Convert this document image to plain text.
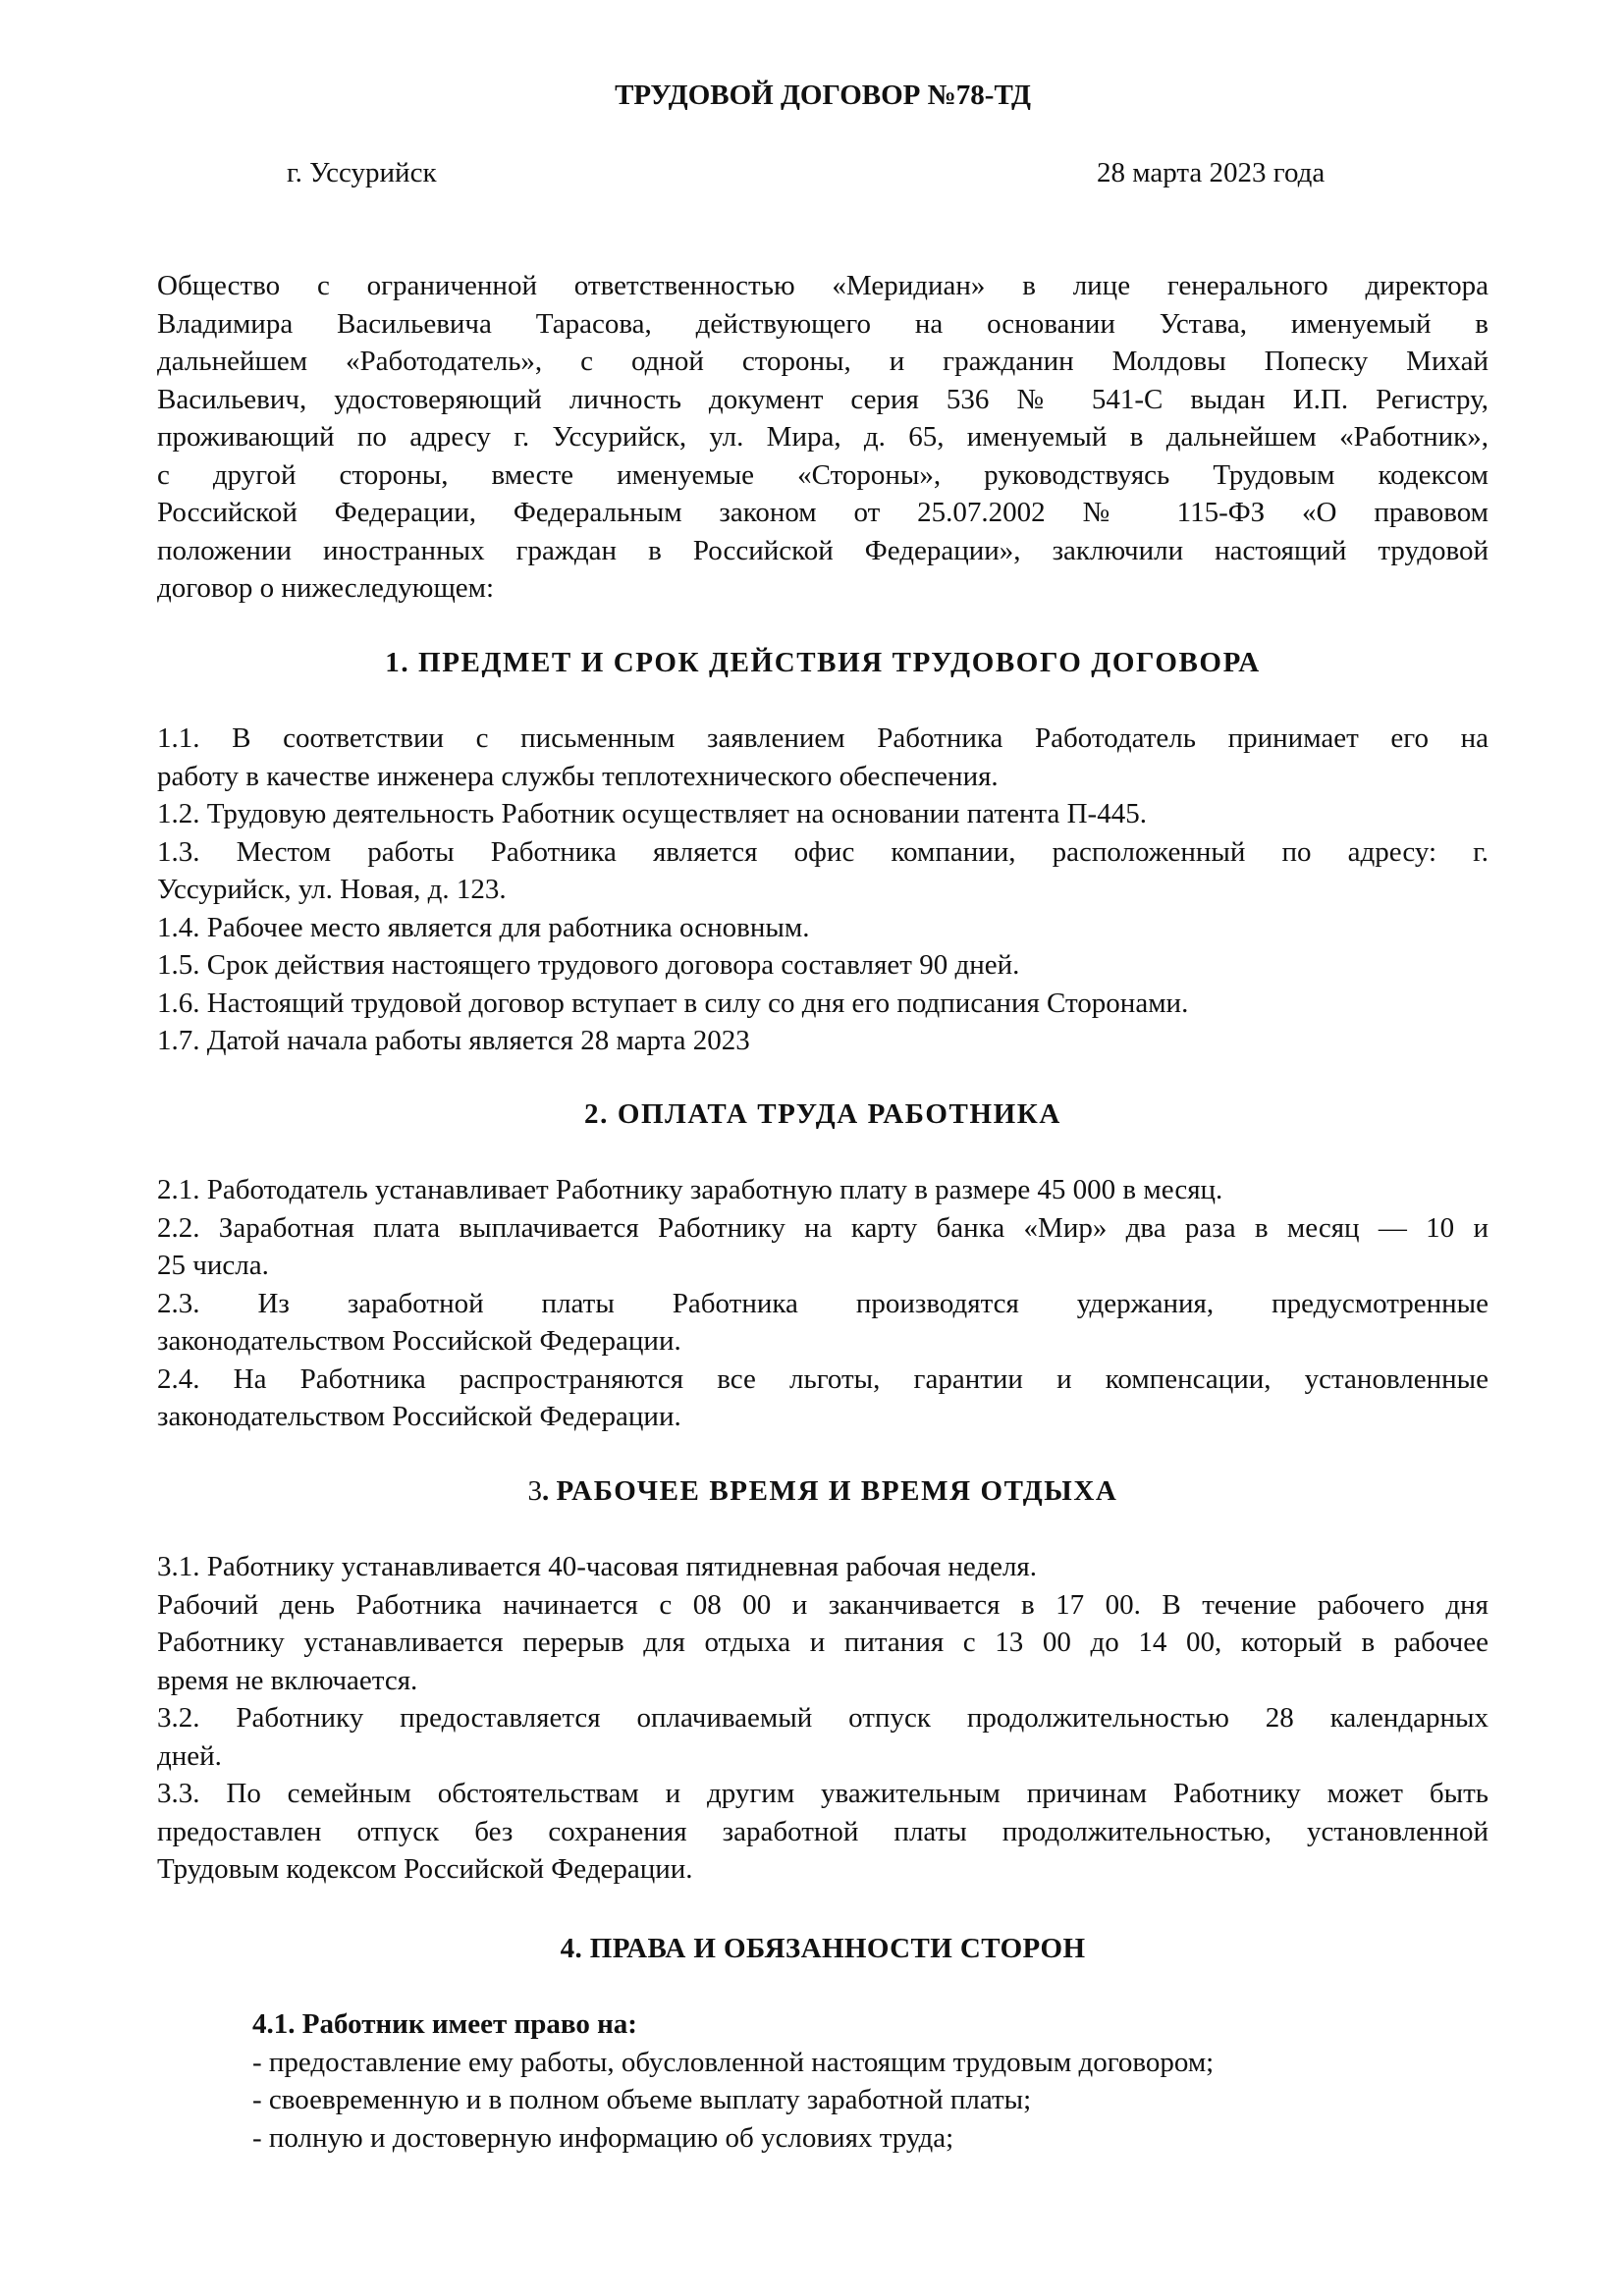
ТРУДОВОЙ ДОГОВОР №78-ТД
г. Уссурийск	28 марта 2023 года
Общество с ограниченной ответственностью «Меридиан» в лице генерального директора
Владимира Васильевича Тарасова, действующего на основании Устава, именуемый в
дальнейшем «Работодатель», с одной стороны, и гражданин Молдовы Попеску Михай
Васильевич, удостоверяющий личность документ серия 536 № 541-С выдан И.П. Регистру,
проживающий по адресу г. Уссурийск, ул. Мира, д. 65, именуемый в дальнейшем «Работник»,
с другой стороны, вместе именуемые «Стороны», руководствуясь Трудовым кодексом
Российской Федерации, Федеральным законом от 25.07.2002 № 115-ФЗ «О правовом
положении иностранных граждан в Российской Федерации», заключили настоящий трудовой
договор о нижеследующем:
1. ПРЕДМЕТ И СРОК ДЕЙСТВИЯ ТРУДОВОГО ДОГОВОРА
1.1. В соответствии с письменным заявлением Работника Работодатель принимает его на
работу в качестве инженера службы теплотехнического обеспечения.
1.2. Трудовую деятельность Работник осуществляет на основании патента П-445.
1.3. Местом работы Работника является офис компании, расположенный по адресу: г.
Уссурийск, ул. Новая, д. 123.
1.4. Рабочее место является для работника основным.
1.5. Срок действия настоящего трудового договора составляет 90 дней.
1.6. Настоящий трудовой договор вступает в силу со дня его подписания Сторонами.
1.7. Датой начала работы является 28 марта 2023
2. ОПЛАТА ТРУДА РАБОТНИКА
2.1. Работодатель устанавливает Работнику заработную плату в размере 45 000 в месяц.
2.2. Заработная плата выплачивается Работнику на карту банка «Мир» два раза в месяц — 10 и
25 числа.
2.3. Из заработной платы Работника производятся удержания, предусмотренные
законодательством Российской Федерации.
2.4. На Работника распространяются все льготы, гарантии и компенсации, установленные
законодательством Российской Федерации.
3. РАБОЧЕЕ ВРЕМЯ И ВРЕМЯ ОТДЫХА
3.1. Работнику устанавливается 40-часовая пятидневная рабочая неделя.
Рабочий день Работника начинается с 08 00 и заканчивается в 17 00. В течение рабочего дня
Работнику устанавливается перерыв для отдыха и питания с 13 00 до 14 00, который в рабочее
время не включается.
3.2. Работнику предоставляется оплачиваемый отпуск продолжительностью 28 календарных
дней.
3.3. По семейным обстоятельствам и другим уважительным причинам Работнику может быть
предоставлен отпуск без сохранения заработной платы продолжительностью, установленной
Трудовым кодексом Российской Федерации.
4. ПРАВА И ОБЯЗАННОСТИ СТОРОН
4.1. Работник имеет право на:
- предоставление ему работы, обусловленной настоящим трудовым договором;
- своевременную и в полном объеме выплату заработной платы;
- полную и достоверную информацию об условиях труда;
